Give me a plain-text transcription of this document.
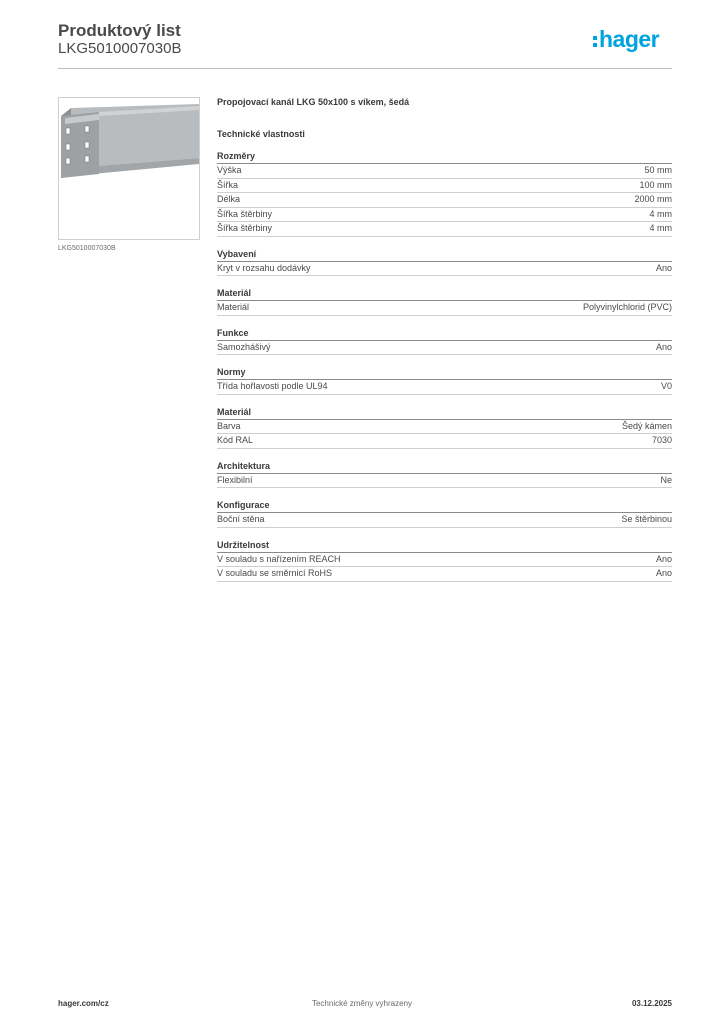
Produktový list
LKG5010007030B	hager
LKG5010007030B
Propojovací kanál LKG 50x100 s víkem, šedá
Technické vlastnosti
Rozměry
Výška	50 mm
Šířka	100 mm
Délka	2000 mm
Šířka štěrbiny	4 mm
Šířka štěrbiny	4 mm
Vybavení
Kryt v rozsahu dodávky	Ano
Materiál
Materiál	Polyvinylchlorid (PVC)
Funkce
Samozhášivý	Ano
Normy
Třída hořlavosti podle UL94	V0
Materiál
Barva	Šedý kámen
Kód RAL	7030
Architektura
Flexibilní	Ne
Konfigurace
Boční stěna	Se štěrbinou
Udržitelnost
V souladu s nařízením REACH	Ano
V souladu se směrnicí RoHS	Ano
hager.com/cz	Technické změny vyhrazeny	03.12.2025
